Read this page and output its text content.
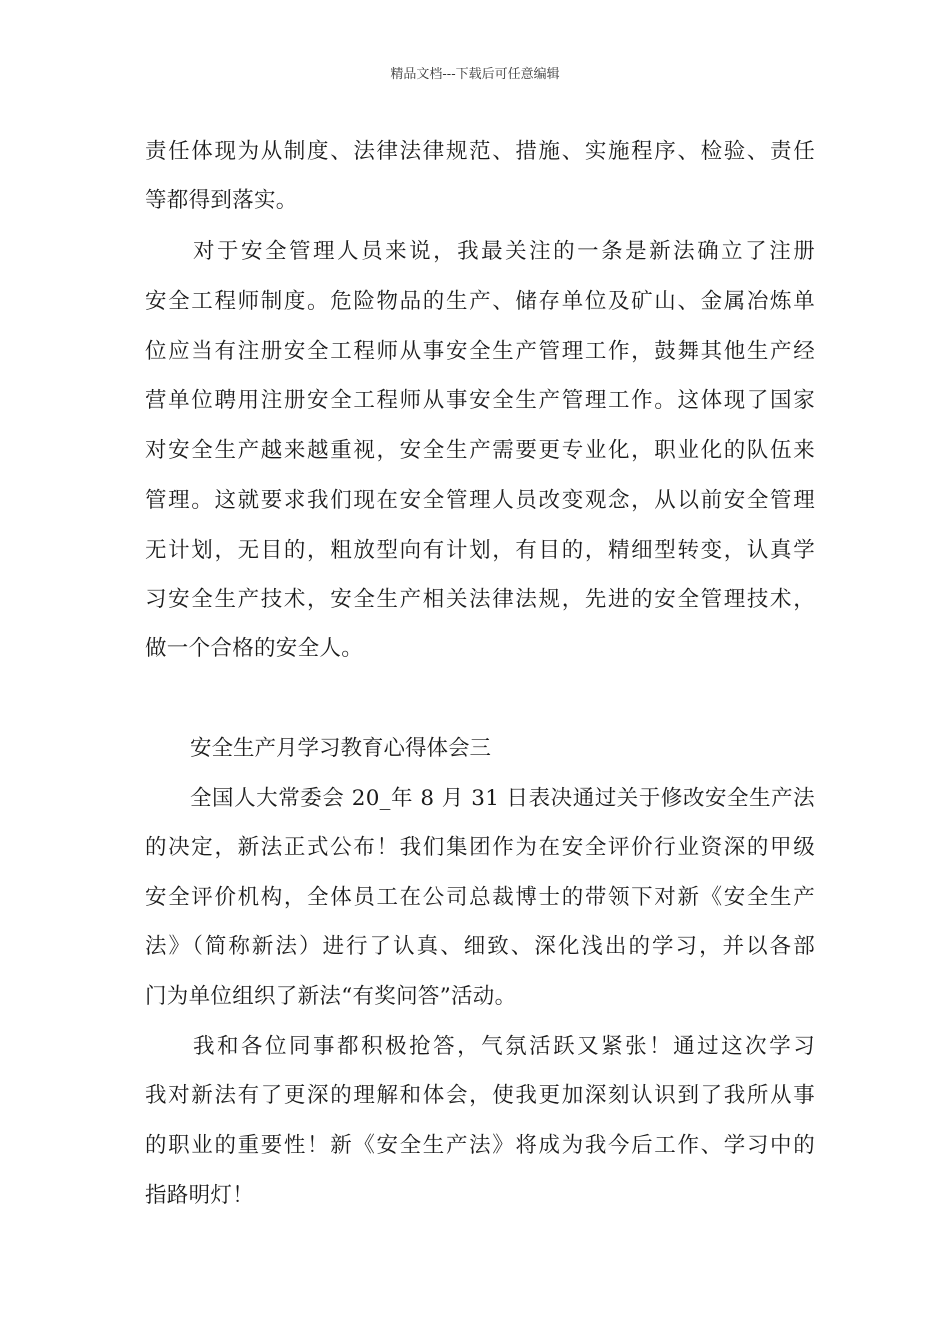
精品文档---下载后可任意编辑
责任体现为从制度、法律法律规范、措施、实施程序、检验、责任
等都得到落实。
　　对于安全管理人员来说，我最关注的一条是新法确立了注册
安全工程师制度。危险物品的生产、储存单位及矿山、金属冶炼单
位应当有注册安全工程师从事安全生产管理工作，鼓舞其他生产经
营单位聘用注册安全工程师从事安全生产管理工作。这体现了国家
对安全生产越来越重视，安全生产需要更专业化，职业化的队伍来
管理。这就要求我们现在安全管理人员改变观念，从以前安全管理
无计划，无目的，粗放型向有计划，有目的，精细型转变，认真学
习安全生产技术，安全生产相关法律法规，先进的安全管理技术，
做一个合格的安全人。
安全生产月学习教育心得体会三
全国人大常委会 20_年 8 月 31 日表决通过关于修改安全生产法
的决定，新法正式公布！我们集团作为在安全评价行业资深的甲级
安全评价机构，全体员工在公司总裁博士的带领下对新《安全生产
法》（简称新法）进行了认真、细致、深化浅出的学习，并以各部
门为单位组织了新法“有奖问答”活动。
　　我和各位同事都积极抢答，气氛活跃又紧张！通过这次学习
我对新法有了更深的理解和体会，使我更加深刻认识到了我所从事
的职业的重要性！新《安全生产法》将成为我今后工作、学习中的
指路明灯！
